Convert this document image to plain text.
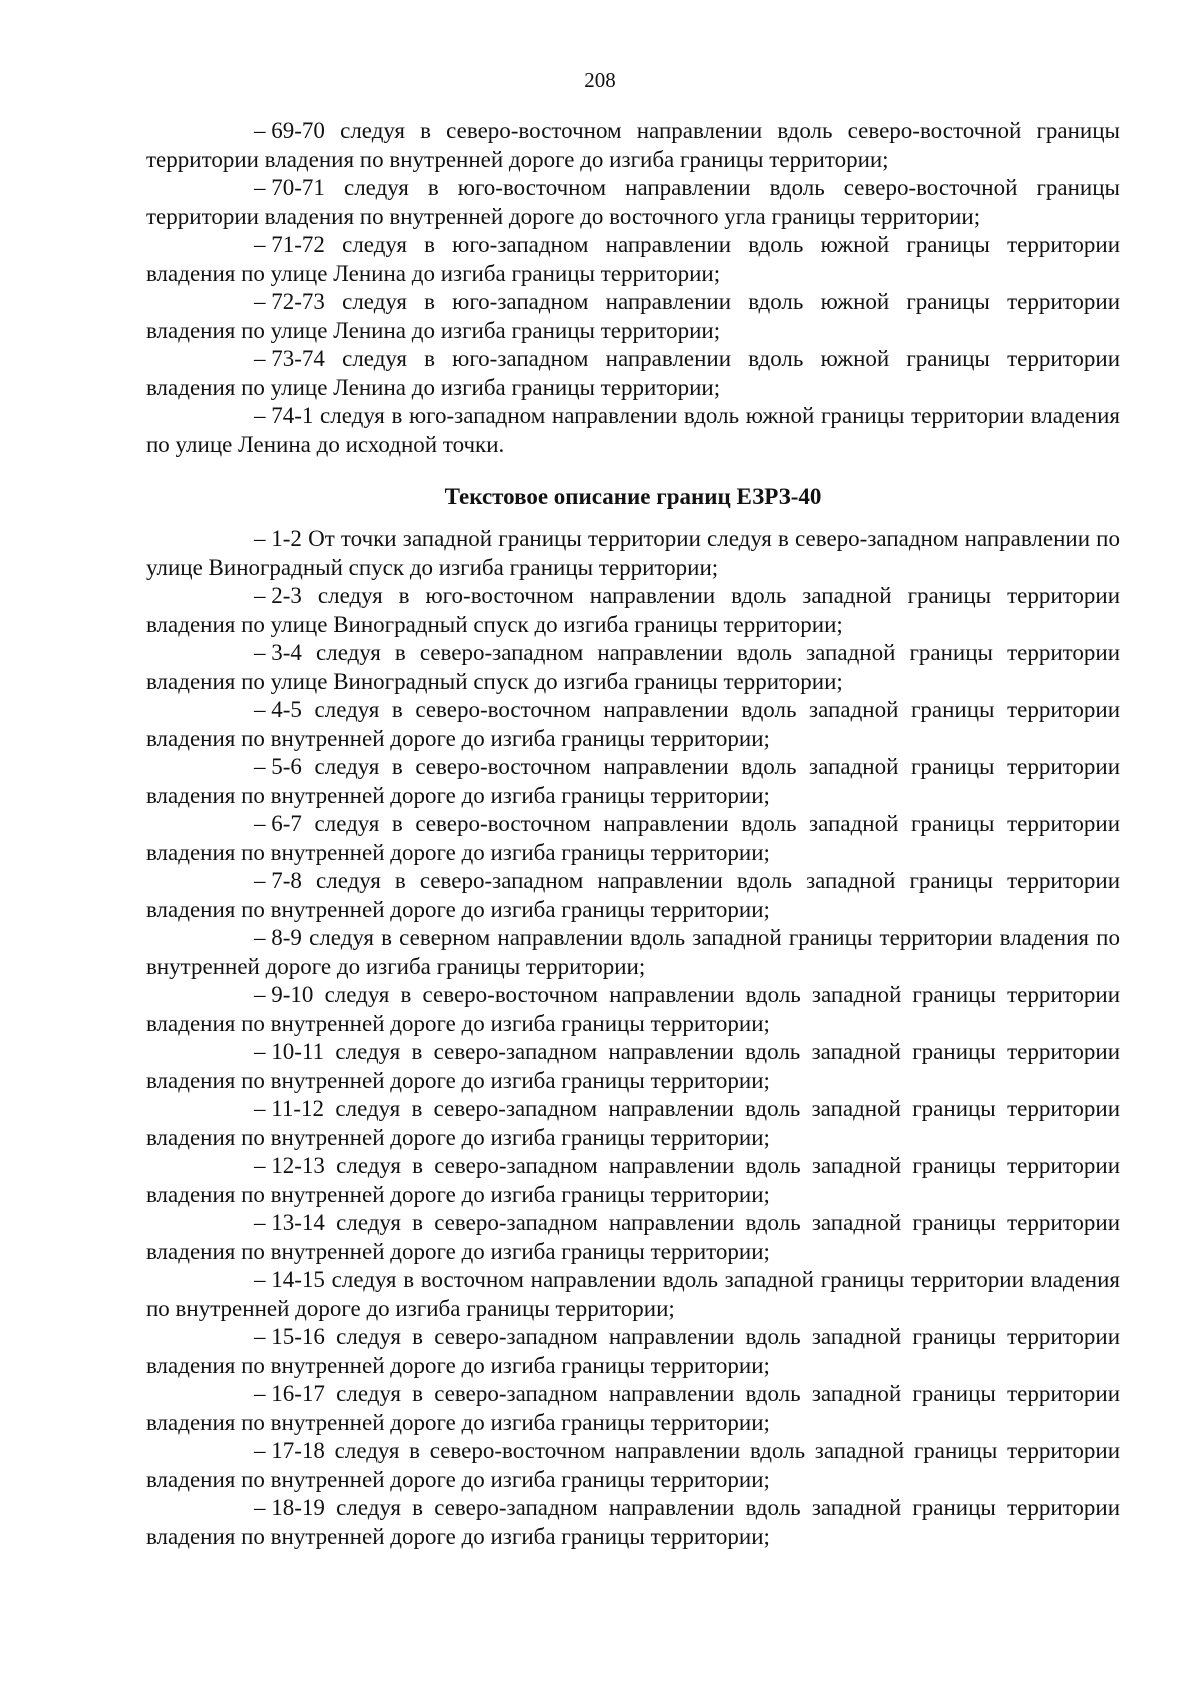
208

– 69-70 следуя в северо-восточном направлении вдоль северо-восточной границы территории владения по внутренней дороге до изгиба границы территории;

– 70-71 следуя в юго-восточном направлении вдоль северо-восточной границы территории владения по внутренней дороге до восточного угла границы территории;

– 71-72 следуя в юго-западном направлении вдоль южной границы территории владения по улице Ленина до изгиба границы территории;

– 72-73 следуя в юго-западном направлении вдоль южной границы территории владения по улице Ленина до изгиба границы территории;

– 73-74 следуя в юго-западном направлении вдоль южной границы территории владения по улице Ленина до изгиба границы территории;

– 74-1 следуя в юго-западном направлении вдоль южной границы территории владения по улице Ленина до исходной точки.

Текстовое описание границ ЕЗРЗ-40

– 1-2 От точки западной границы территории следуя в северо-западном направлении по улице Виноградный спуск до изгиба границы территории;

– 2-3 следуя в юго-восточном направлении вдоль западной границы территории владения по улице Виноградный спуск до изгиба границы территории;

– 3-4 следуя в северо-западном направлении вдоль западной границы территории владения по улице Виноградный спуск до изгиба границы территории;

– 4-5 следуя в северо-восточном направлении вдоль западной границы территории владения по внутренней дороге до изгиба границы территории;

– 5-6 следуя в северо-восточном направлении вдоль западной границы территории владения по внутренней дороге до изгиба границы территории;

– 6-7 следуя в северо-восточном направлении вдоль западной границы территории владения по внутренней дороге до изгиба границы территории;

– 7-8 следуя в северо-западном направлении вдоль западной границы территории владения по внутренней дороге до изгиба границы территории;

– 8-9 следуя в северном направлении вдоль западной границы территории владения по внутренней дороге до изгиба границы территории;

– 9-10 следуя в северо-восточном направлении вдоль западной границы территории владения по внутренней дороге до изгиба границы территории;

– 10-11 следуя в северо-западном направлении вдоль западной границы территории владения по внутренней дороге до изгиба границы территории;

– 11-12 следуя в северо-западном направлении вдоль западной границы территории владения по внутренней дороге до изгиба границы территории;

– 12-13 следуя в северо-западном направлении вдоль западной границы территории владения по внутренней дороге до изгиба границы территории;

– 13-14 следуя в северо-западном направлении вдоль западной границы территории владения по внутренней дороге до изгиба границы территории;

– 14-15 следуя в восточном направлении вдоль западной границы территории владения по внутренней дороге до изгиба границы территории;

– 15-16 следуя в северо-западном направлении вдоль западной границы территории владения по внутренней дороге до изгиба границы территории;

– 16-17 следуя в северо-западном направлении вдоль западной границы территории владения по внутренней дороге до изгиба границы территории;

– 17-18 следуя в северо-восточном направлении вдоль западной границы территории владения по внутренней дороге до изгиба границы территории;

– 18-19 следуя в северо-западном направлении вдоль западной границы территории владения по внутренней дороге до изгиба границы территории;
